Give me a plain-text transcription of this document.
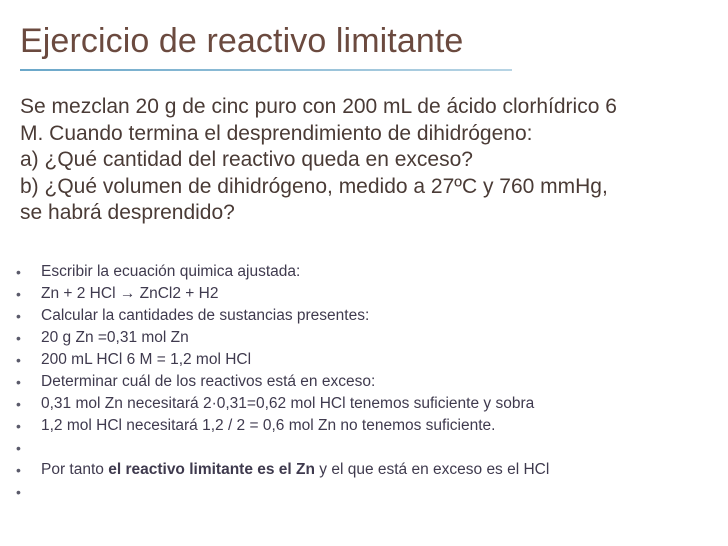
Ejercicio de reactivo limitante
Se mezclan 20 g de cinc puro con 200 mL de ácido clorhídrico 6
M. Cuando termina el desprendimiento de dihidrógeno:
a) ¿Qué cantidad del reactivo queda en exceso?
b) ¿Qué volumen de dihidrógeno, medido a 27ºC y 760 mmHg,
se habrá desprendido?
• Escribir la ecuación quimica ajustada:
• Zn + 2 HCl → ZnCl2 + H2
• Calcular la cantidades de sustancias presentes:
• 20 g Zn =0,31 mol Zn
• 200 mL HCl 6 M = 1,2 mol HCl
• Determinar cuál de los reactivos está en exceso:
• 0,31 mol Zn necesitará 2·0,31=0,62 mol HCl tenemos suficiente y sobra
• 1,2 mol HCl necesitará 1,2 / 2 = 0,6 mol Zn no tenemos suficiente.
•
• Por tanto el reactivo limitante es el Zn y el que está en exceso es el HCl
•
